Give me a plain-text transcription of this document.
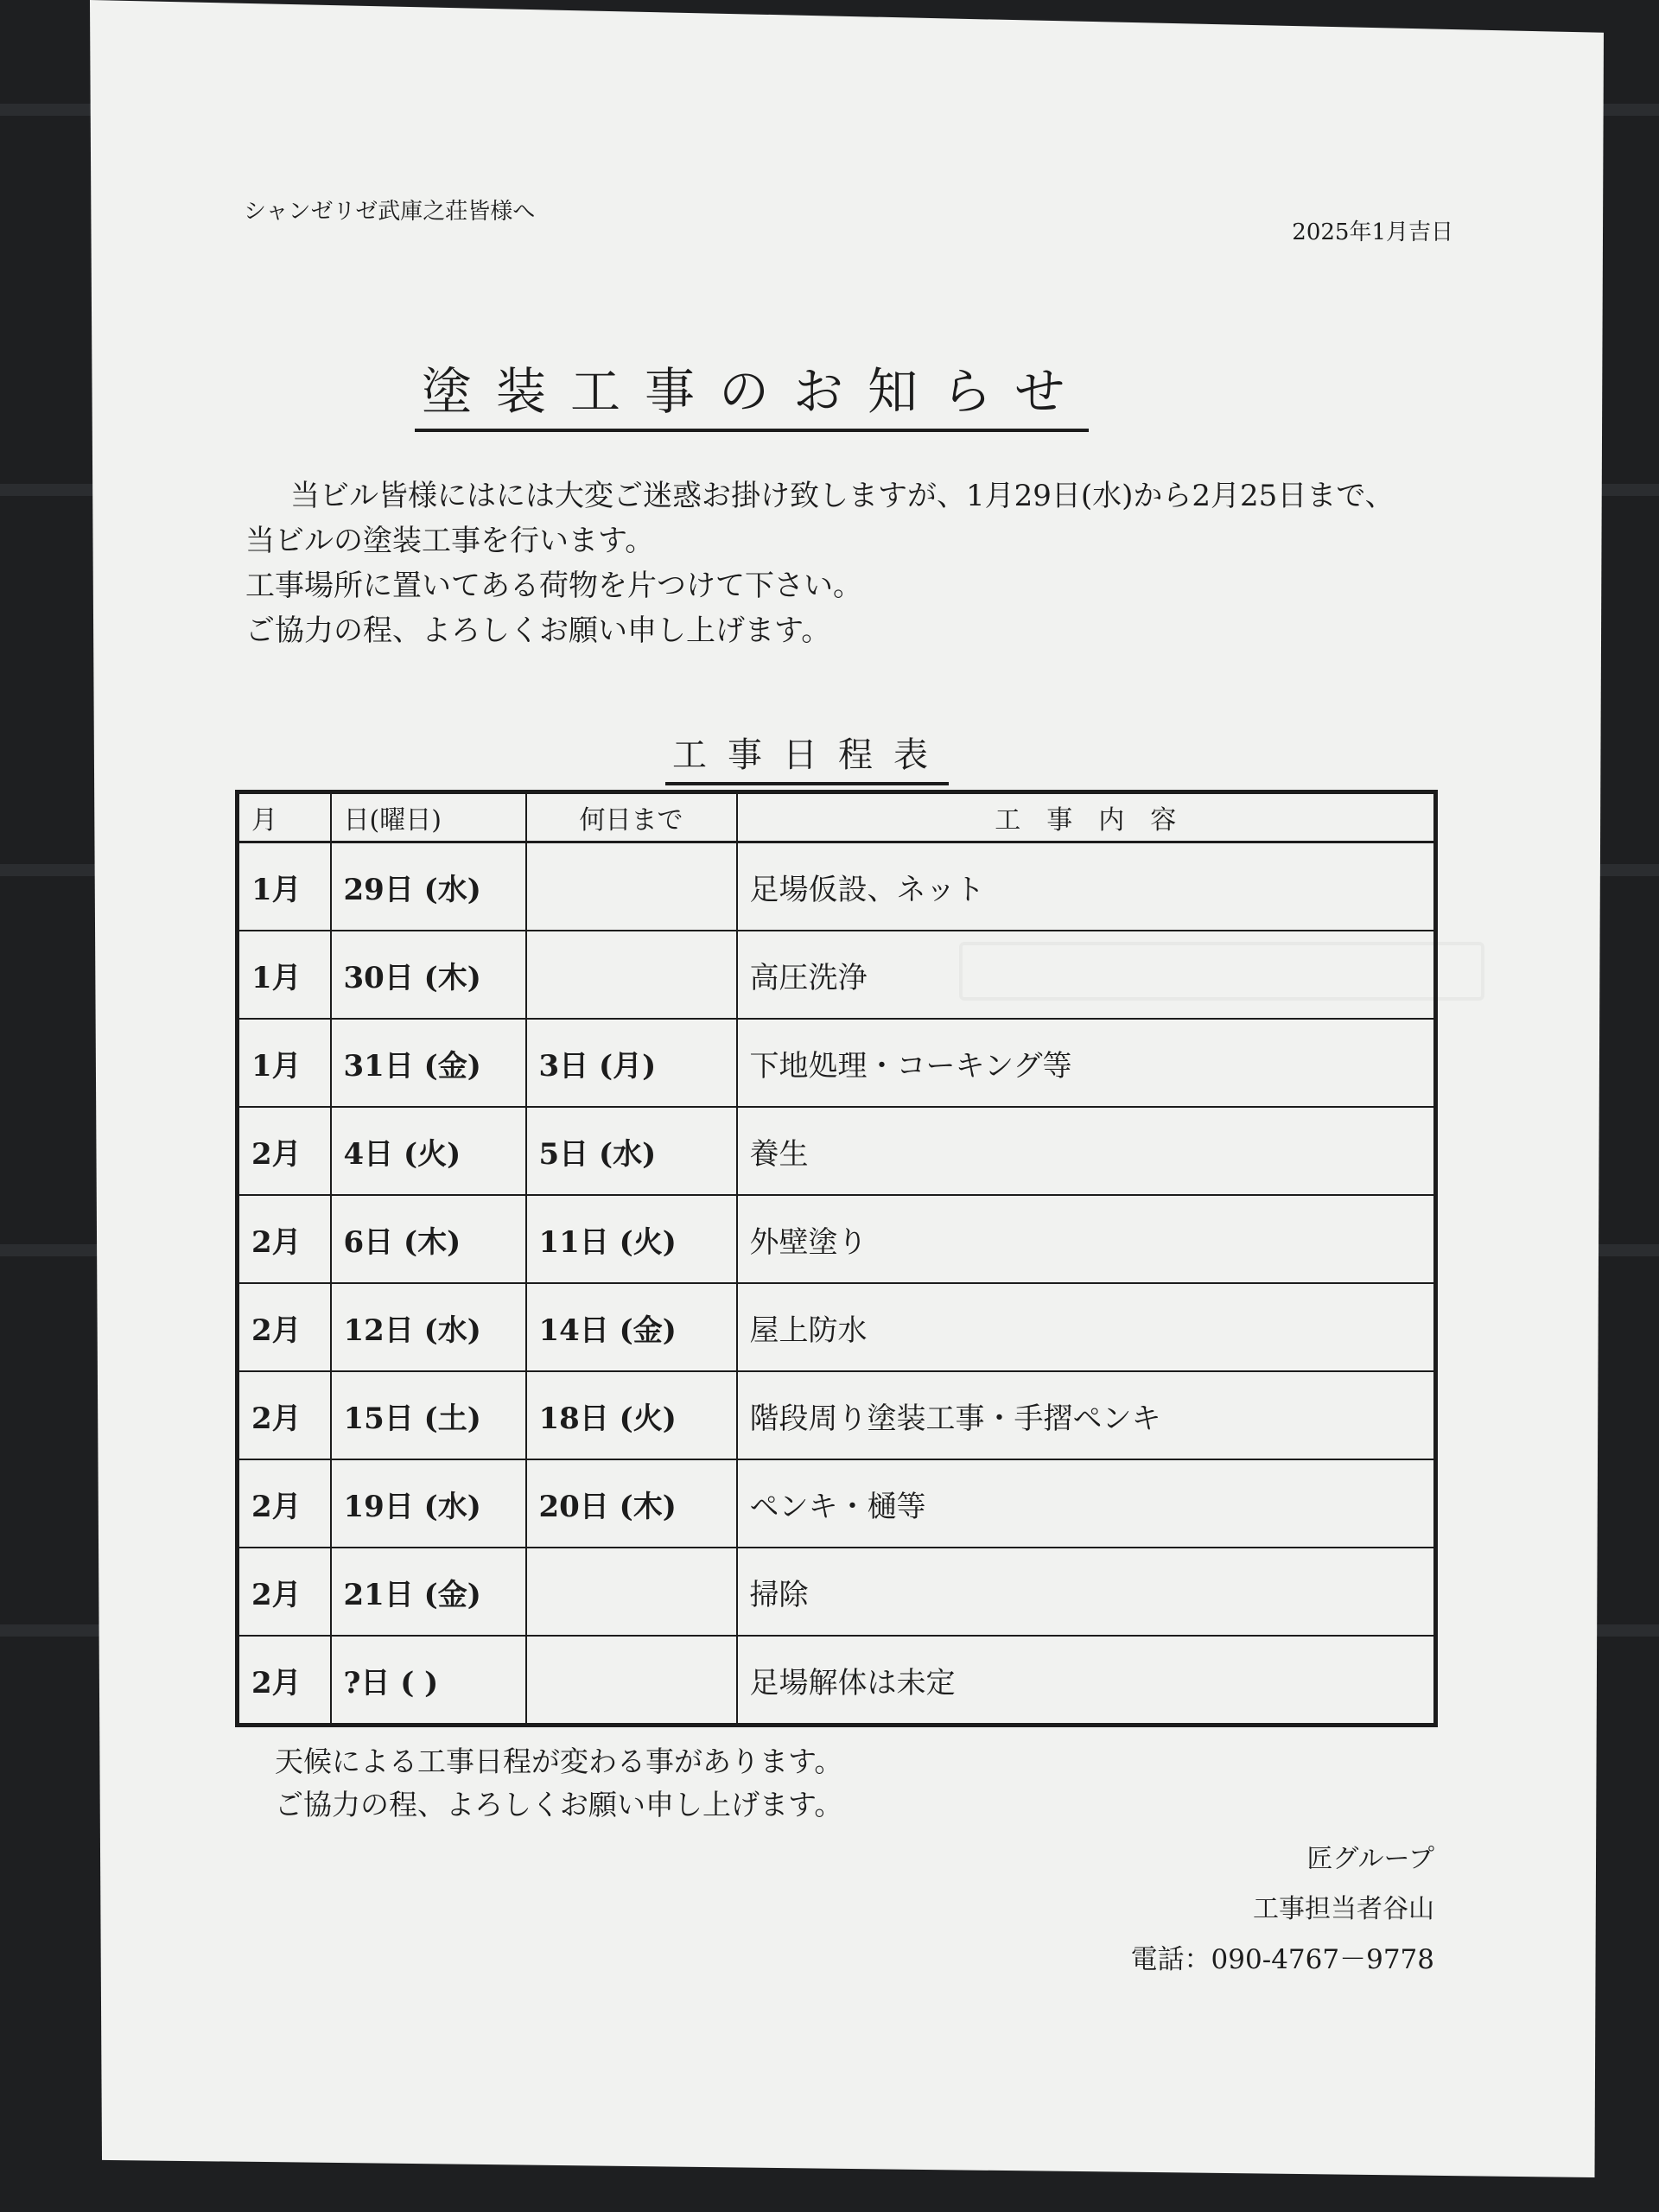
シャンゼリゼ武庫之荘皆様へ
2025年1月吉日
塗装工事のお知らせ

当ビル皆様にはには大変ご迷惑お掛け致しますが、1月29日(水)から2月25日まで、

当ビルの塗装工事を行います。

工事場所に置いてある荷物を片つけて下さい。

ご協力の程、よろしくお願い申し上げます。

工事日程表
月	日(曜日)	何日まで	工　事　内　容
1月	29日 (水)		足場仮設、ネット
1月	30日 (木)		高圧洗浄
1月	31日 (金)	3日 (月)	下地処理・コーキング等
2月	4日 (火)	5日 (水)	養生
2月	6日 (木)	11日 (火)	外壁塗り
2月	12日 (水)	14日 (金)	屋上防水
2月	15日 (土)	18日 (火)	階段周り塗装工事・手摺ペンキ
2月	19日 (水)	20日 (木)	ペンキ・樋等
2月	21日 (金)		掃除
2月	?日 ( )		足場解体は未定
天候による工事日程が変わる事があります。
ご協力の程、よろしくお願い申し上げます。
匠グループ
工事担当者谷山
電話：090-4767－9778
